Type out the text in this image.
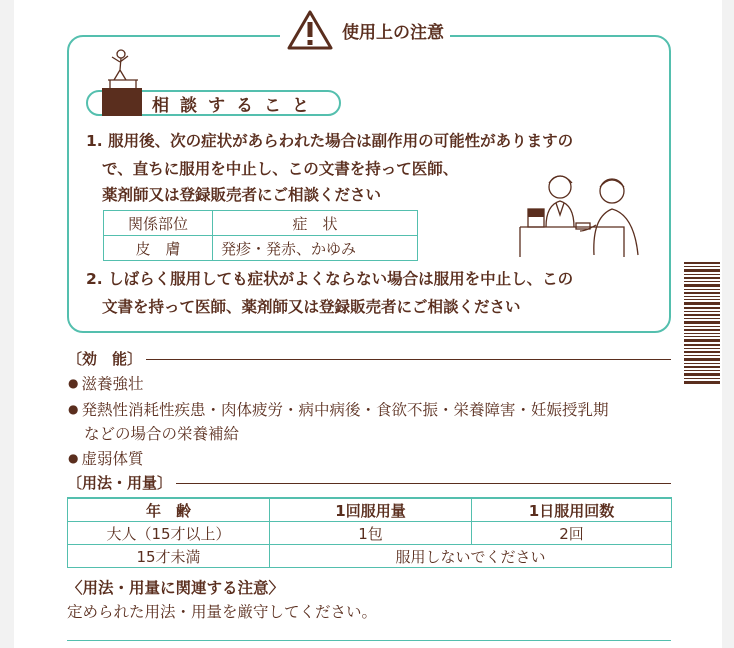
使用上の注意
相談すること
1. 服用後、次の症状があらわれた場合は副作用の可能性がありますの
で、直ちに服用を中止し、この文書を持って医師、
薬剤師又は登録販売者にご相談ください
関係部位	症　状
皮　膚	発疹・発赤、かゆみ
2. しばらく服用しても症状がよくならない場合は服用を中止し、この
文書を持って医師、薬剤師又は登録販売者にご相談ください
〔効　能〕
● 滋養強壮
● 発熱性消耗性疾患・肉体疲労・病中病後・食欲不振・栄養障害・妊娠授乳期
などの場合の栄養補給
● 虚弱体質
〔用法・用量〕
年　齢	1回服用量	1日服用回数
大人（15才以上）	1包	2回
15才未満	服用しないでください	
〈用法・用量に関連する注意〉
定められた用法・用量を厳守してください。
